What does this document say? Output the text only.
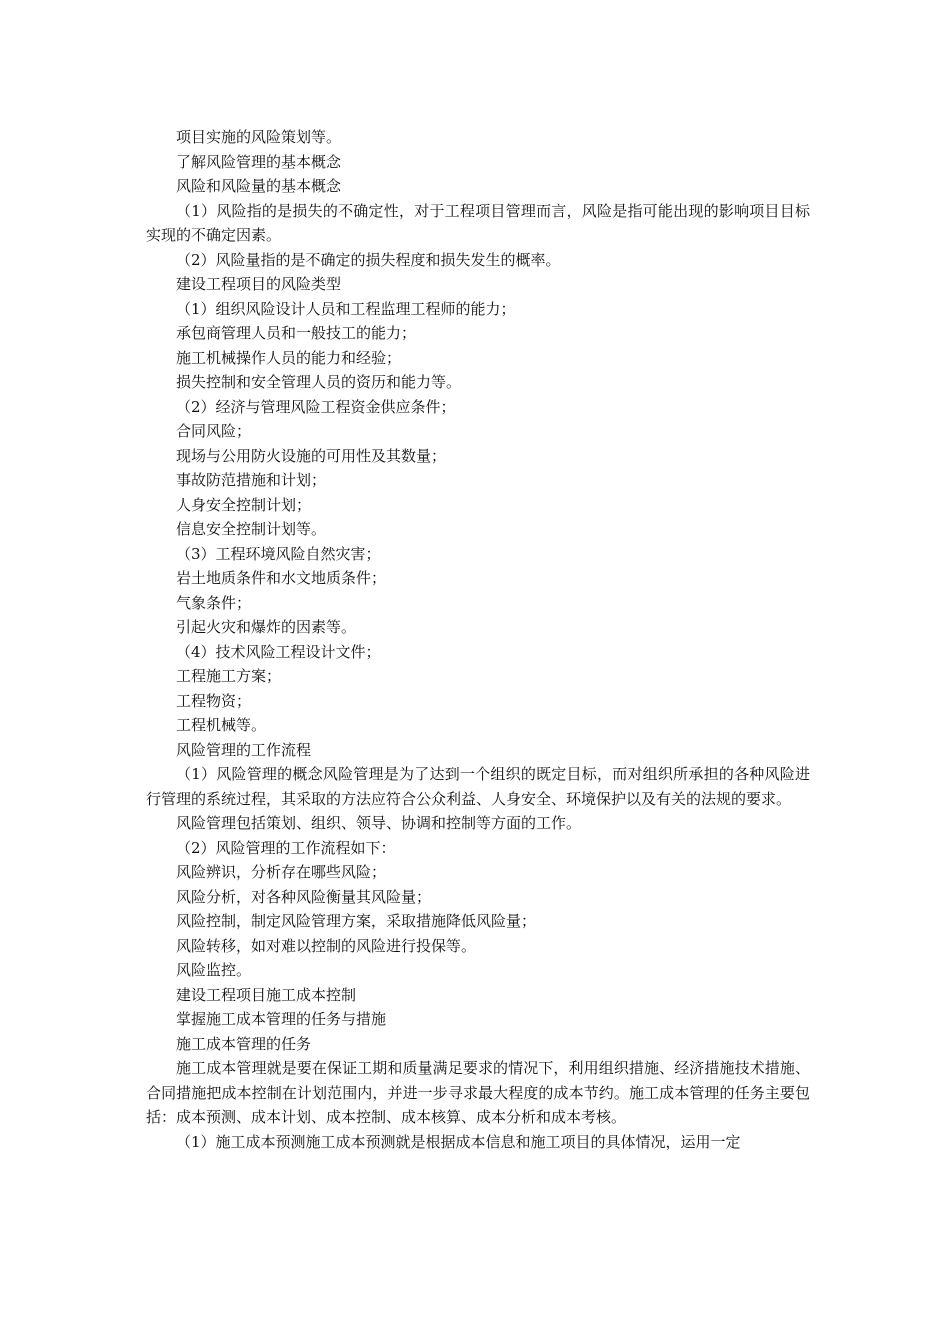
项目实施的风险策划等。

了解风险管理的基本概念

风险和风险量的基本概念

（1）风险指的是损失的不确定性，对于工程项目管理而言，风险是指可能出现的影响项目目标实现的不确定因素。

（2）风险量指的是不确定的损失程度和损失发生的概率。

建设工程项目的风险类型

（1）组织风险设计人员和工程监理工程师的能力；

承包商管理人员和一般技工的能力；

施工机械操作人员的能力和经验；

损失控制和安全管理人员的资历和能力等。

（2）经济与管理风险工程资金供应条件；

合同风险；

现场与公用防火设施的可用性及其数量；

事故防范措施和计划；

人身安全控制计划；

信息安全控制计划等。

（3）工程环境风险自然灾害；

岩土地质条件和水文地质条件；

气象条件；

引起火灾和爆炸的因素等。

（4）技术风险工程设计文件；

工程施工方案；

工程物资；

工程机械等。

风险管理的工作流程

（1）风险管理的概念风险管理是为了达到一个组织的既定目标，而对组织所承担的各种风险进行管理的系统过程，其采取的方法应符合公众利益、人身安全、环境保护以及有关的法规的要求。

风险管理包括策划、组织、领导、协调和控制等方面的工作。

（2）风险管理的工作流程如下：

风险辨识，分析存在哪些风险；

风险分析，对各种风险衡量其风险量；

风险控制，制定风险管理方案，采取措施降低风险量；

风险转移，如对难以控制的风险进行投保等。

风险监控。

建设工程项目施工成本控制

掌握施工成本管理的任务与措施

施工成本管理的任务

施工成本管理就是要在保证工期和质量满足要求的情况下，利用组织措施、经济措施技术措施、合同措施把成本控制在计划范围内，并进一步寻求最大程度的成本节约。施工成本管理的任务主要包括：成本预测、成本计划、成本控制、成本核算、成本分析和成本考核。

（1）施工成本预测施工成本预测就是根据成本信息和施工项目的具体情况，运用一定
